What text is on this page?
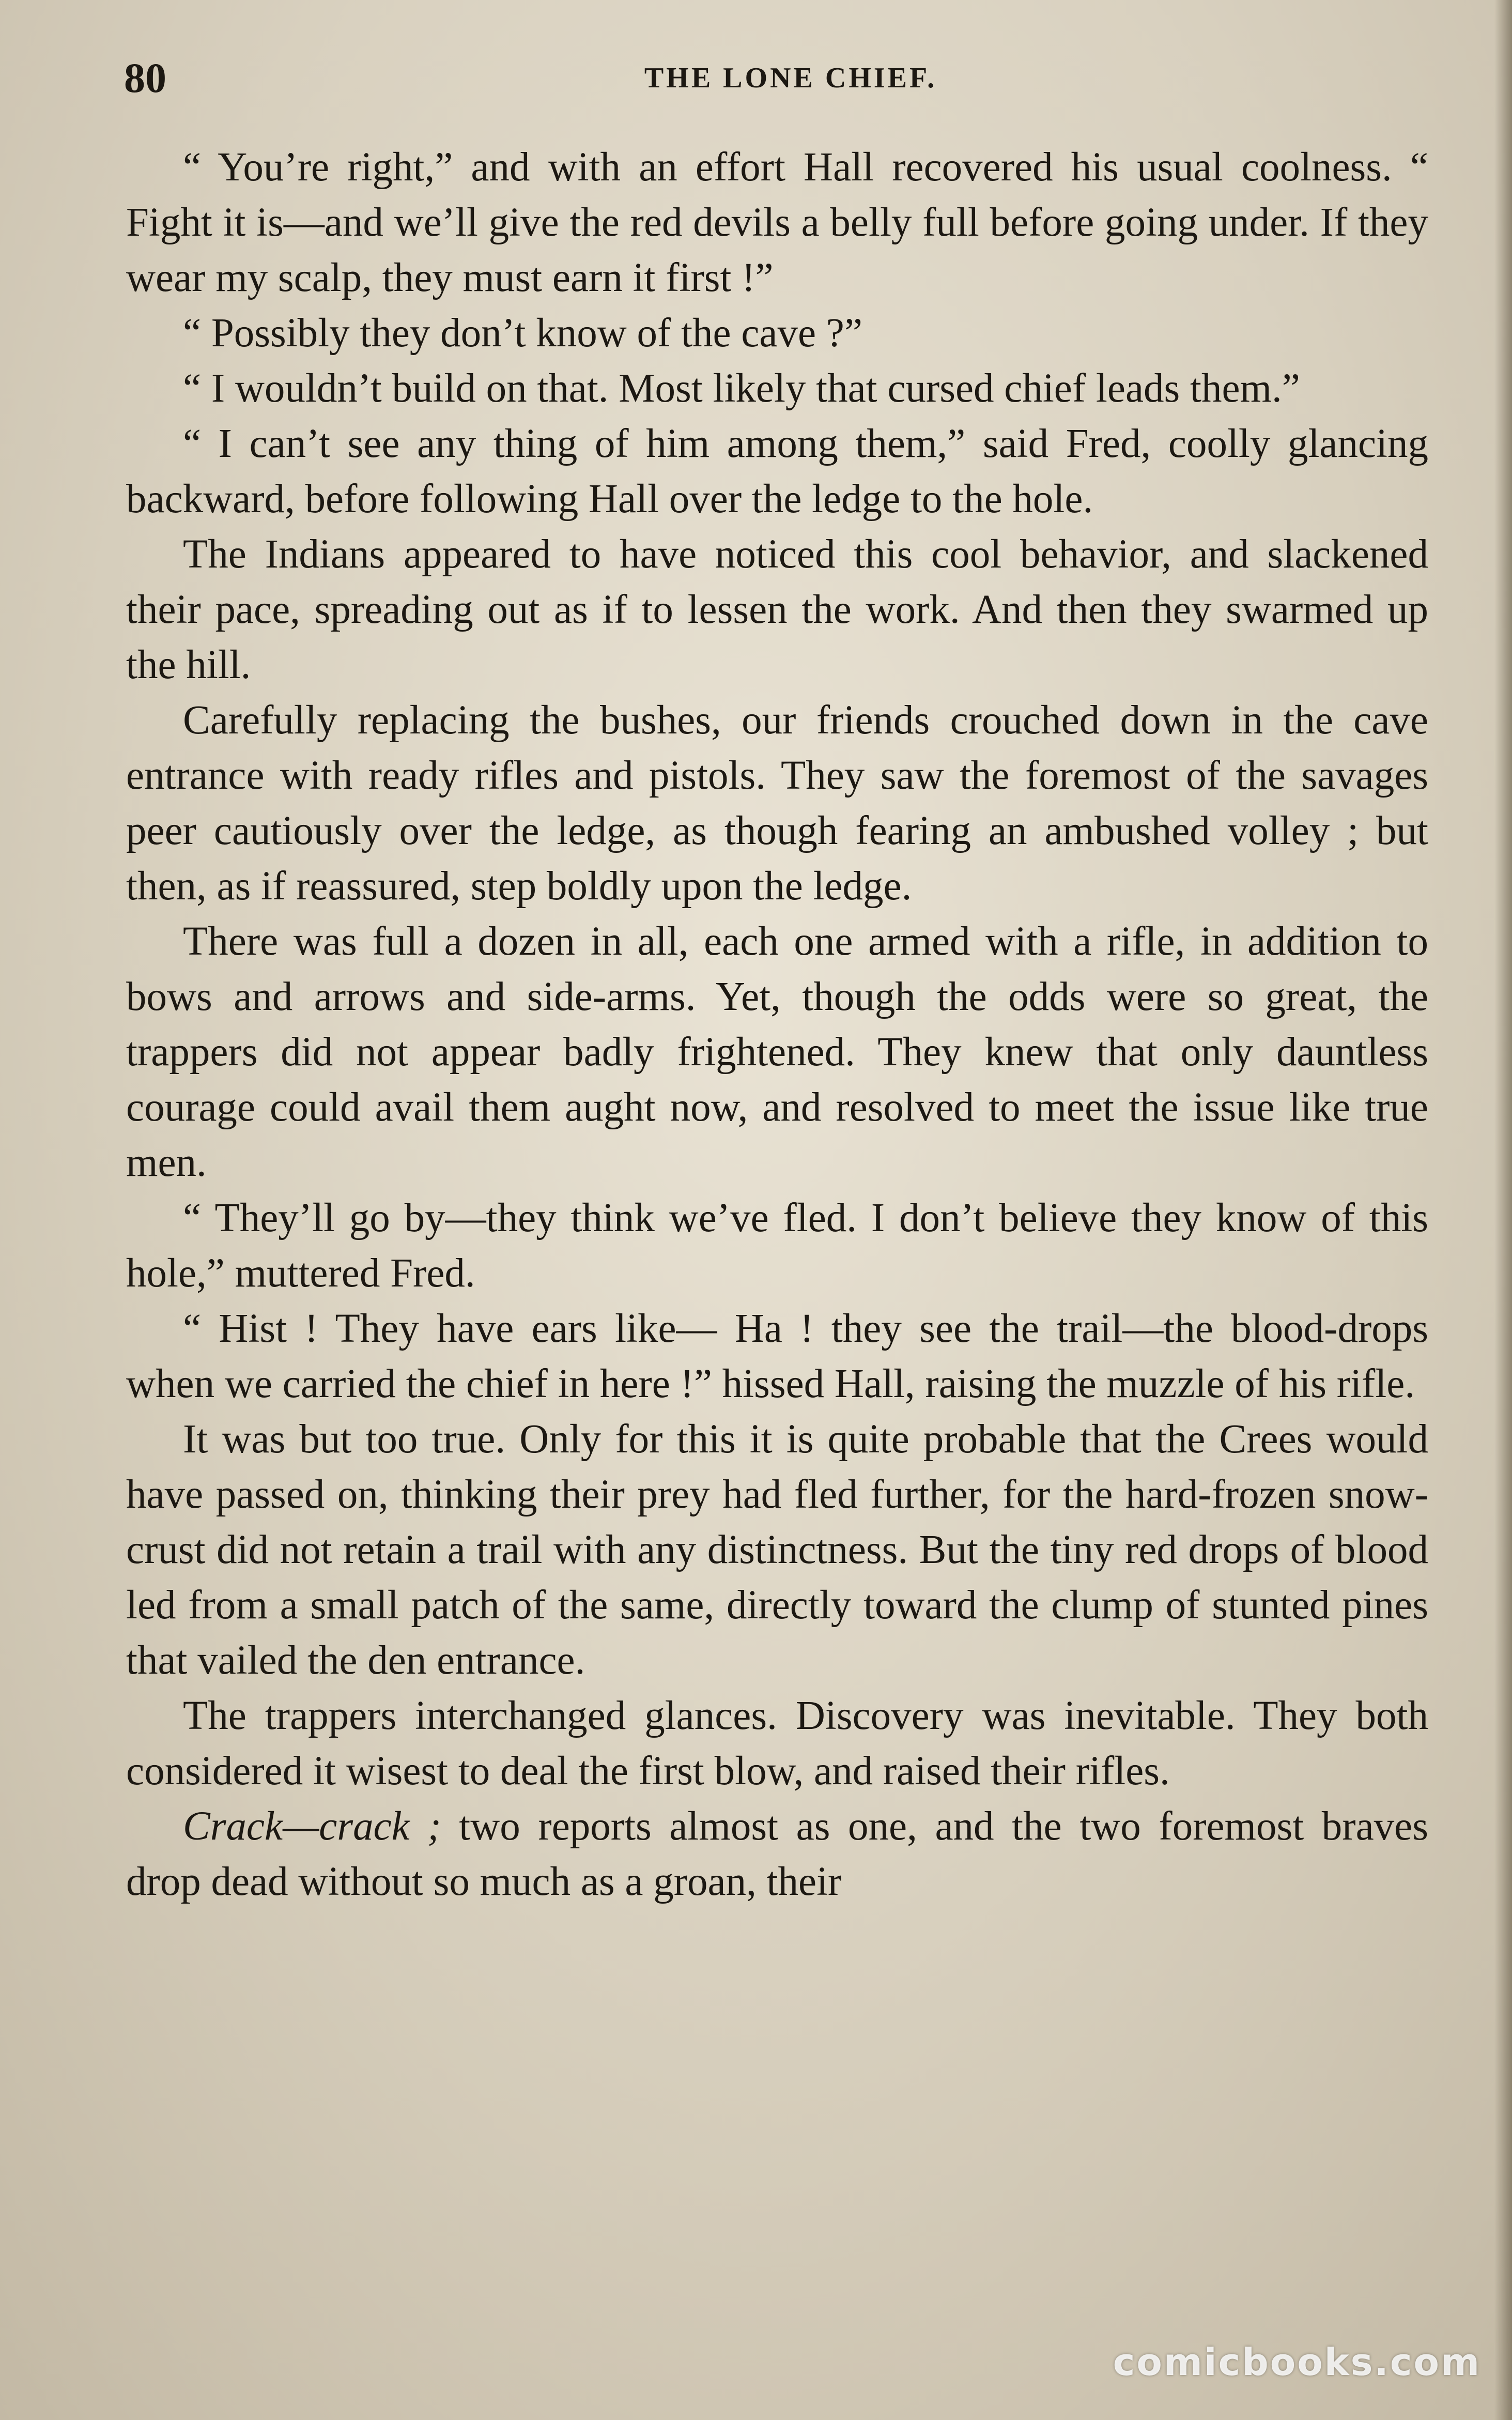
80	THE LONE CHIEF.

“ You’re right,” and with an effort Hall recovered his usual coolness. “ Fight it is—and we’ll give the red devils a belly full before going under. If they wear my scalp, they must earn it first !”

“ Possibly they don’t know of the cave ?”

“ I wouldn’t build on that. Most likely that cursed chief leads them.”

“ I can’t see any thing of him among them,” said Fred, coolly glancing backward, before following Hall over the ledge to the hole.

The Indians appeared to have noticed this cool behavior, and slackened their pace, spreading out as if to lessen the work. And then they swarmed up the hill.

Carefully replacing the bushes, our friends crouched down in the cave entrance with ready rifles and pistols. They saw the foremost of the savages peer cautiously over the ledge, as though fearing an ambushed volley ; but then, as if reassured, step boldly upon the ledge.

There was full a dozen in all, each one armed with a rifle, in addition to bows and arrows and side-arms. Yet, though the odds were so great, the trappers did not appear badly frightened. They knew that only dauntless courage could avail them aught now, and resolved to meet the issue like true men.

“ They’ll go by—they think we’ve fled. I don’t believe they know of this hole,” muttered Fred.

“ Hist ! They have ears like— Ha ! they see the trail—the blood-drops when we carried the chief in here !” hissed Hall, raising the muzzle of his rifle.

It was but too true. Only for this it is quite probable that the Crees would have passed on, thinking their prey had fled further, for the hard-frozen snow-crust did not retain a trail with any distinctness. But the tiny red drops of blood led from a small patch of the same, directly toward the clump of stunted pines that vailed the den entrance.

The trappers interchanged glances. Discovery was inevitable. They both considered it wisest to deal the first blow, and raised their rifles.

Crack—crack ; two reports almost as one, and the two foremost braves drop dead without so much as a groan, their

comicbooks.com
